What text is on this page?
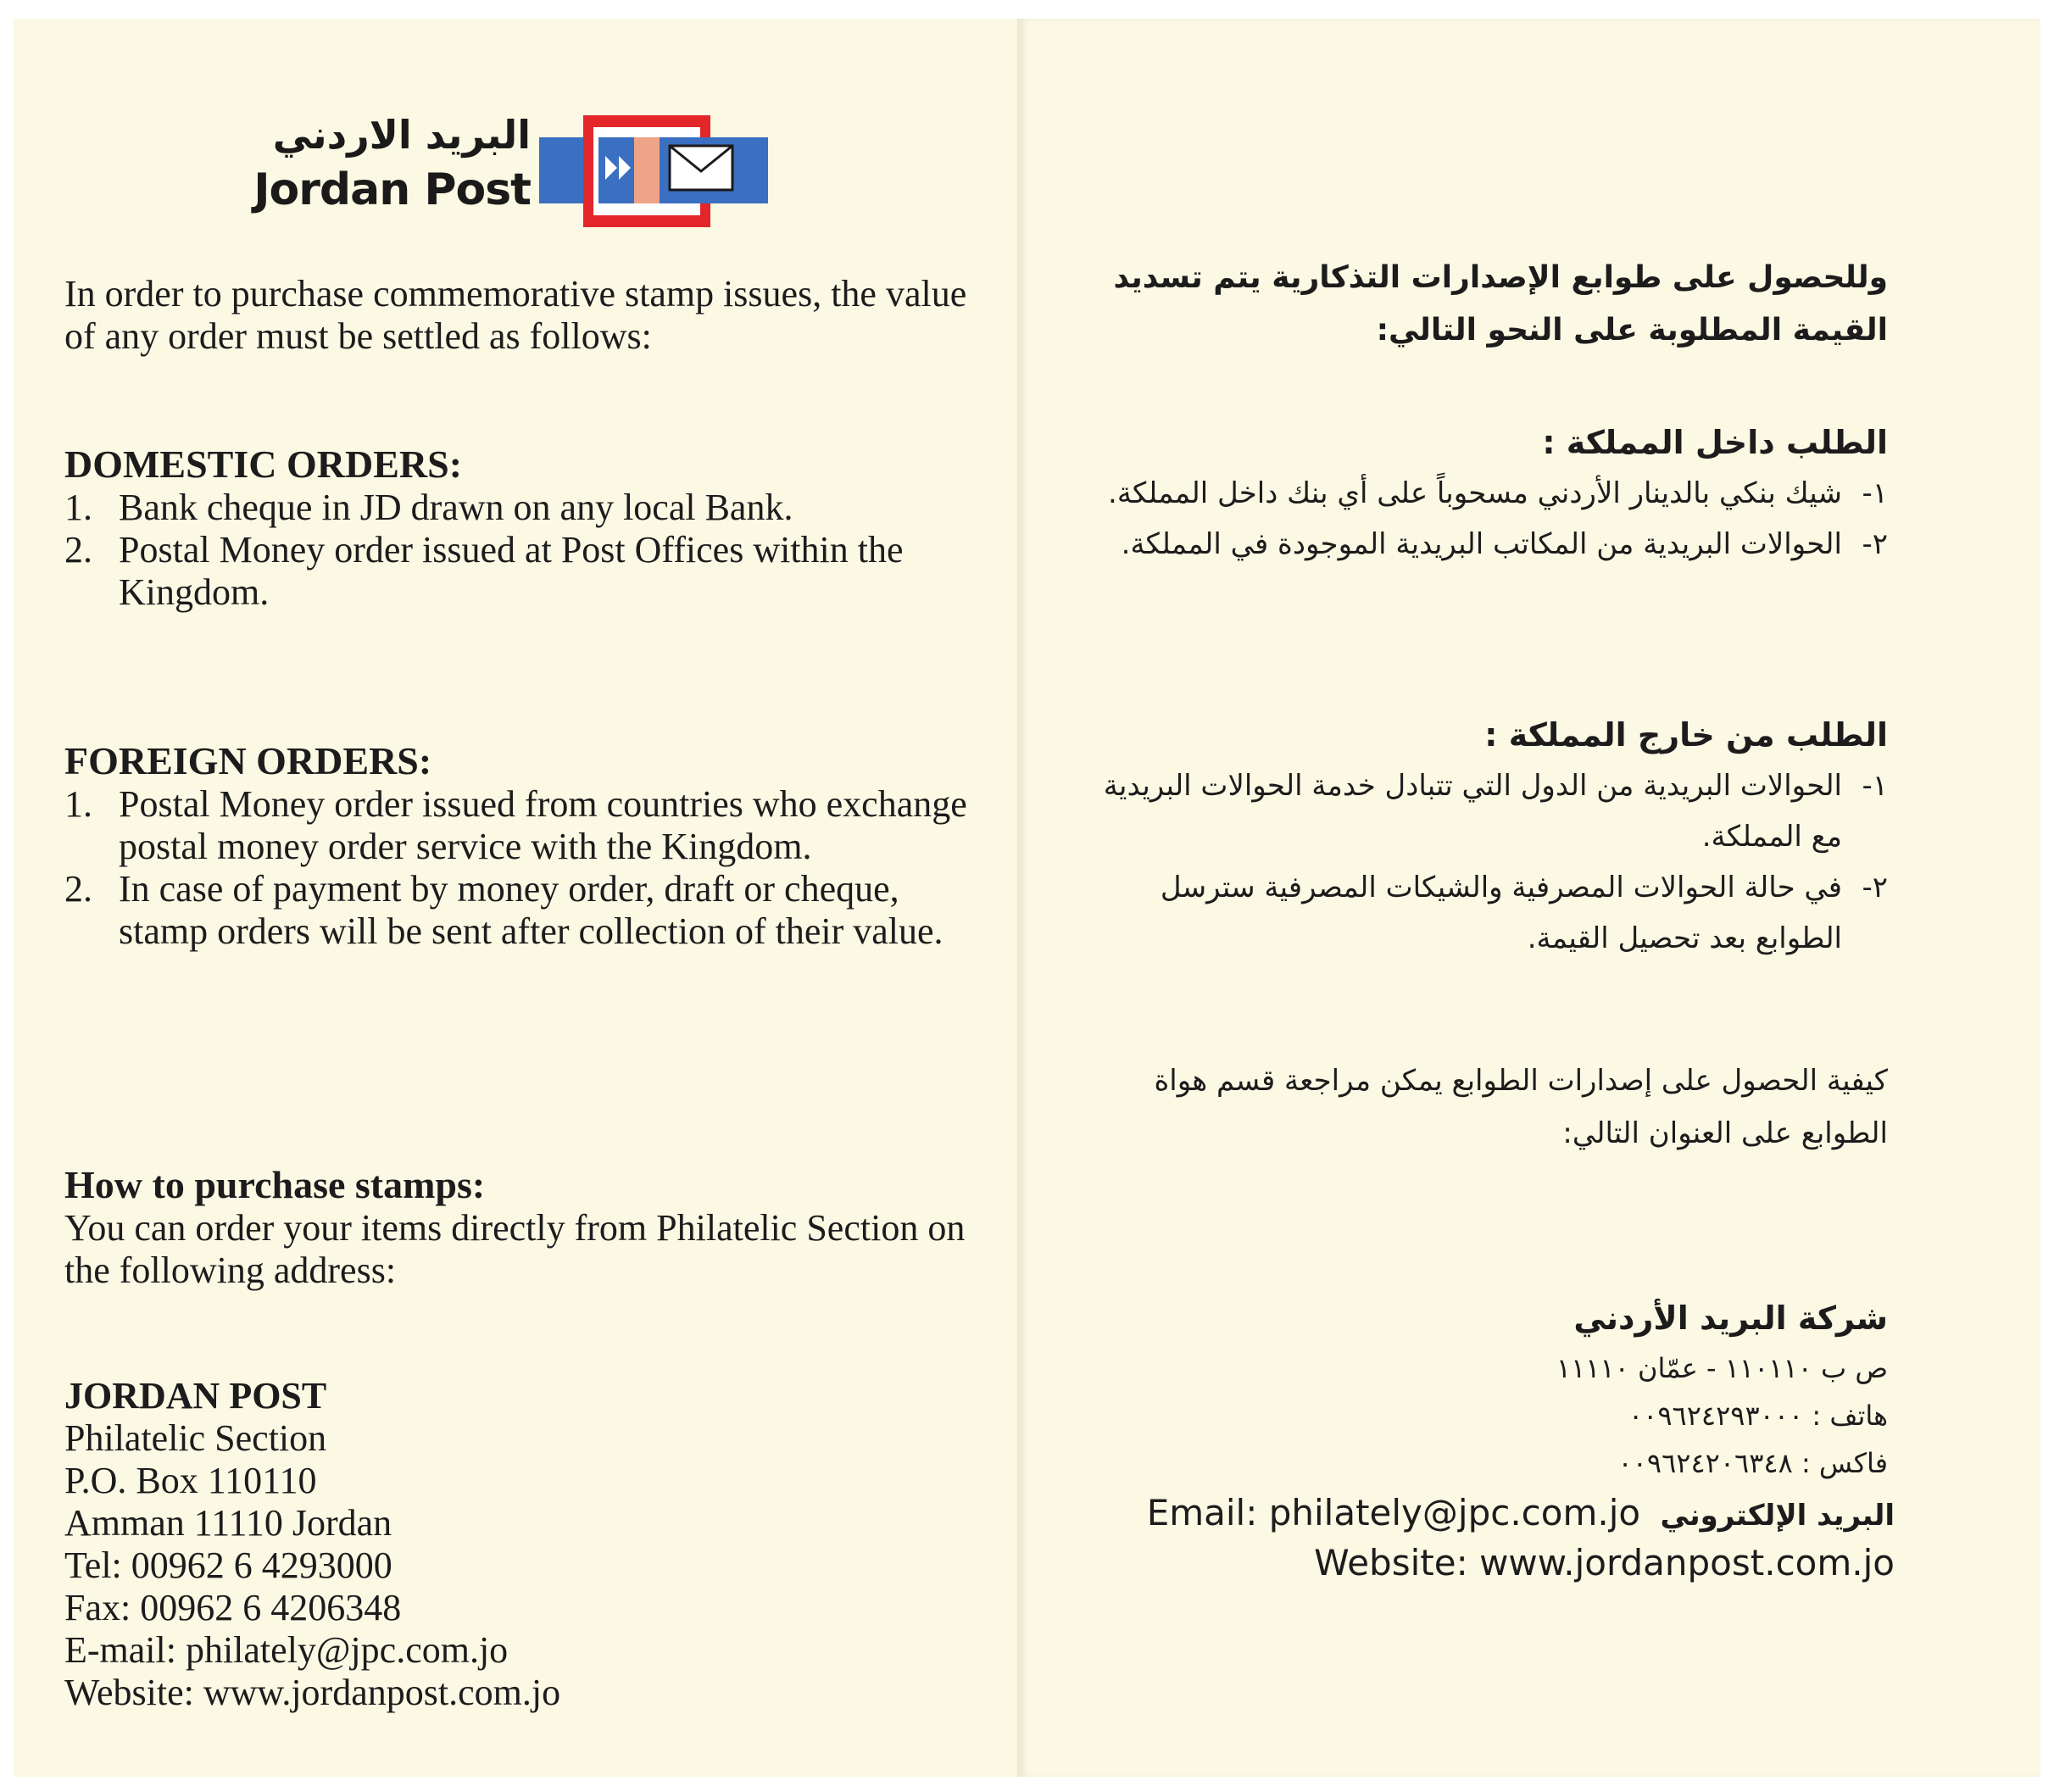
البريد الاردني
Jordan Post

In order to purchase commemorative stamp issues, the value of any order must be settled as follows:

DOMESTIC ORDERS:
1. Bank cheque in JD drawn on any local Bank.
2. Postal Money order issued at Post Offices within the Kingdom.
FOREIGN ORDERS:
1. Postal Money order issued from countries who exchange postal money order service with the Kingdom.
2. In case of payment by money order, draft or cheque, stamp orders will be sent after collection of their value.
How to purchase stamps:

You can order your items directly from Philatelic Section on the following address:

JORDAN POST

Philatelic Section

P.O. Box 110110

Amman 11110 Jordan

Tel: 00962 6 4293000

Fax: 00962 6 4206348

E-mail: philately@jpc.com.jo

Website: www.jordanpost.com.jo

وللحصول على طوابع الإصدارات التذكارية يتم تسديد القيمة المطلوبة على النحو التالي:

الطلب داخل المملكة :
١-
شيك بنكي بالدينار الأردني مسحوباً على أي بنك داخل المملكة.
٢-
الحوالات البريدية من المكاتب البريدية الموجودة في المملكة.
الطلب من خارج المملكة :
١-
الحوالات البريدية من الدول التي تتبادل خدمة الحوالات البريدية مع المملكة.
٢-
في حالة الحوالات المصرفية والشيكات المصرفية سترسل الطوابع بعد تحصيل القيمة.

كيفية الحصول على إصدارات الطوابع يمكن مراجعة قسم هواة الطوابع على العنوان التالي:

شركة البريد الأردني

ص ب ١١٠١١٠ - عمّان ١١١١٠

هاتف : ٠٠٩٦٢٤٢٩٣٠٠٠

فاكس : ٠٠٩٦٢٤٢٠٦٣٤٨

Email: philately@jpc.com.jo البريد الإلكتروني
Website: www.jordanpost.com.jo
